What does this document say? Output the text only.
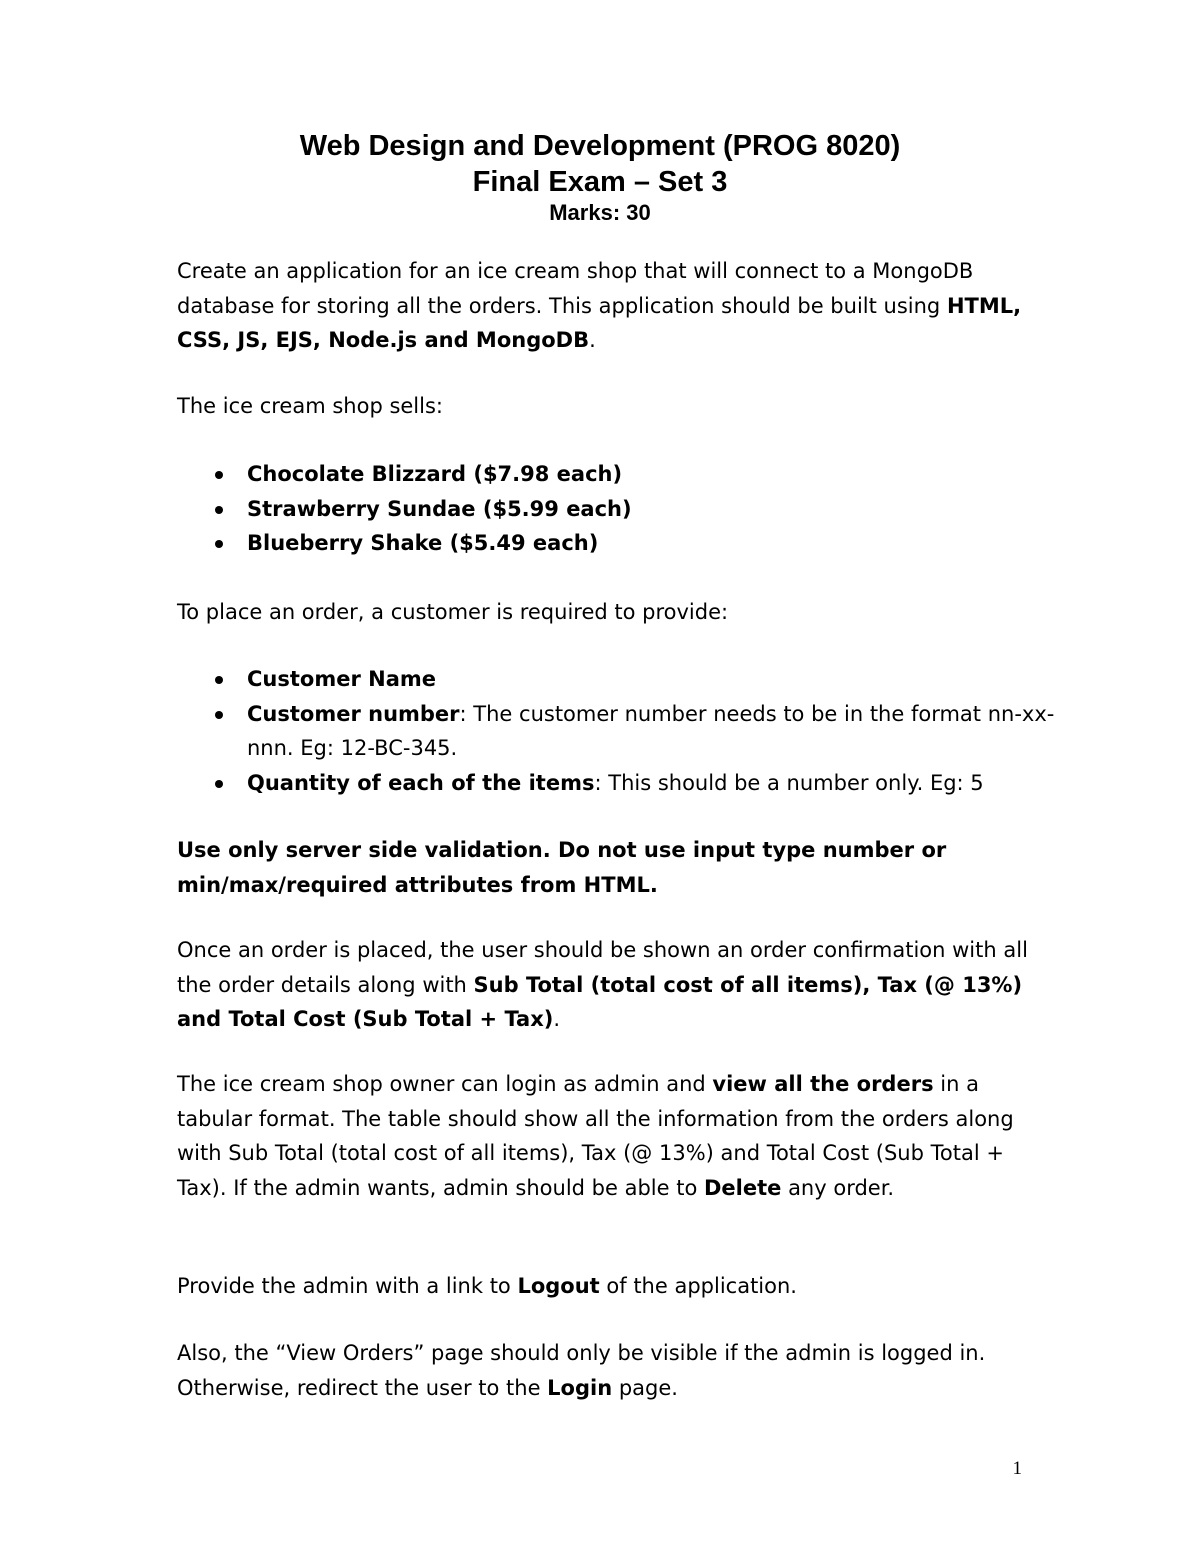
Web Design and Development (PROG 8020)
Final Exam – Set 3
Marks: 30

Create an application for an ice cream shop that will connect to a MongoDB database for storing all the orders. This application should be built using HTML, CSS, JS, EJS, Node.js and MongoDB.

The ice cream shop sells:

Chocolate Blizzard ($7.98 each)
Strawberry Sundae ($5.99 each)
Blueberry Shake ($5.49 each)

To place an order, a customer is required to provide:

Customer Name
Customer number: The customer number needs to be in the format nn-xx-nnn. Eg: 12-BC-345.
Quantity of each of the items: This should be a number only. Eg: 5

Use only server side validation. Do not use input type number or min/max/required attributes from HTML.

Once an order is placed, the user should be shown an order confirmation with all the order details along with Sub Total (total cost of all items), Tax (@ 13%) and Total Cost (Sub Total + Tax).

The ice cream shop owner can login as admin and view all the orders in a tabular format. The table should show all the information from the orders along with Sub Total (total cost of all items), Tax (@ 13%) and Total Cost (Sub Total + Tax). If the admin wants, admin should be able to Delete any order.

Provide the admin with a link to Logout of the application.

Also, the “View Orders” page should only be visible if the admin is logged in. Otherwise, redirect the user to the Login page.

1
